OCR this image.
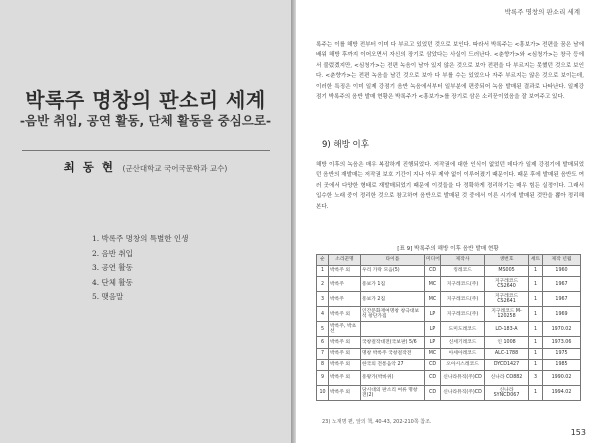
박록주 명창의 판소리 세계
-음반 취입, 공연 활동, 단체 활동을 중심으로-
최 동 현 (군산대학교 국어국문학과 교수)
1. 박록주 명창의 특별한 인생
2. 음반 취입
3. 공연 활동
4. 단체 활동
5. 맺음말
박록주 명창의 판소리 세계

록주는 이를 해방 전부터 이미 다 부르고 있었던 것으로 보인다. 따라서 박록주는 <흥보가> 전편을 꿈은 남에 배워 해방 후까지 이어오면서 자신의 장기로 삼았다는 사실이 드러난다. <춘향가>와 <심청가>는 창극 등에서 불렀겠지만, <심청가>는 전편 녹음이 남아 있지 않은 것으로 보아 전편을 다 부르지는 못했던 것으로 보인다. <춘향가>는 전편 녹음을 남긴 것으로 보아 다 부를 수는 있었으나 자주 부르지는 않은 것으로 보이는데, 이러한 특징은 이미 일제 강점기 음반 녹음에서부터 일부분에 편중되어 녹음 발매된 결과로 나타난다. 일제강점기 박록주의 음반 발매 현황은 박록주가 <흥보가>를 장기로 삼은 소리꾼이었음을 잘 보여주고 있다.

9) 해방 이후

해방 이후의 녹음은 매우 복잡하게 진행되었다. 저작권에 대한 인식이 없었던 데다가 일제 강점기에 발매되었던 음반의 재발매는 저작권 보호 기간이 지나 아무 제약 없이 이루어졌기 때문이다. 때문 후에 발매된 음반도 여러 곳에서 다양한 형태로 재발매되었기 때문에 이것들을 다 정확하게 정리하기는 매우 힘든 실정이다. 그래서 입수한 노래 중이 정리한 것으로 참고하여 음반으로 발매된 것 중에서 이른 시기에 발매된 것만을 뽑아 정리해 본다.

[표 9] 박록주의 해방 이후 음반 발매 현황
순	소리꾼명	타이틀	미디어	제작사	생번호	세트	제작 년월
1	박록주 외	우리 가락 모음(5)	CD	킹레코드	MS005	1	1960
2	박록주	흥보가 1집	MC	지구레코드(주)	지구레코드 CS2640	1	1967
3	박록주	흥보가 2집	MC	지구레코드(주)	지구레코드 CS2641	1	1967
4	박록주 외	인간문화재여명창 창극대보석 창단가집	LP	지구레코드(주)	지구레코드 M-120258	1	1969
5	박록주, 박초선		LP	도미도레코드	LD-183-A	1	1970.02
6	박록주 외	국창걸작대전(국보판) 5/6	LP	신세기레코드	인 1008	1	1973.06
7	박록주 외	명창 박록주 국창걸작전	MC	아세아레코드	ALC-1788	1	1975
8	박록주 외	한국의 전통음악 27	CD	오아시스레코드	DYCD1427	1	1985
9	박록주 외	흥왕가(박바위)	CD	신나라뮤직(주)CD	신나라 CO882	3	1990.02
10	박록주 외	당시대의 판소리 여류 명창 전(2)	CD	신나라뮤직(주)CD	신나라 SYNCD067	1	1994.02
23) 노재명 편, 앞의 책, 40-43, 202-210쪽 참조.
153
